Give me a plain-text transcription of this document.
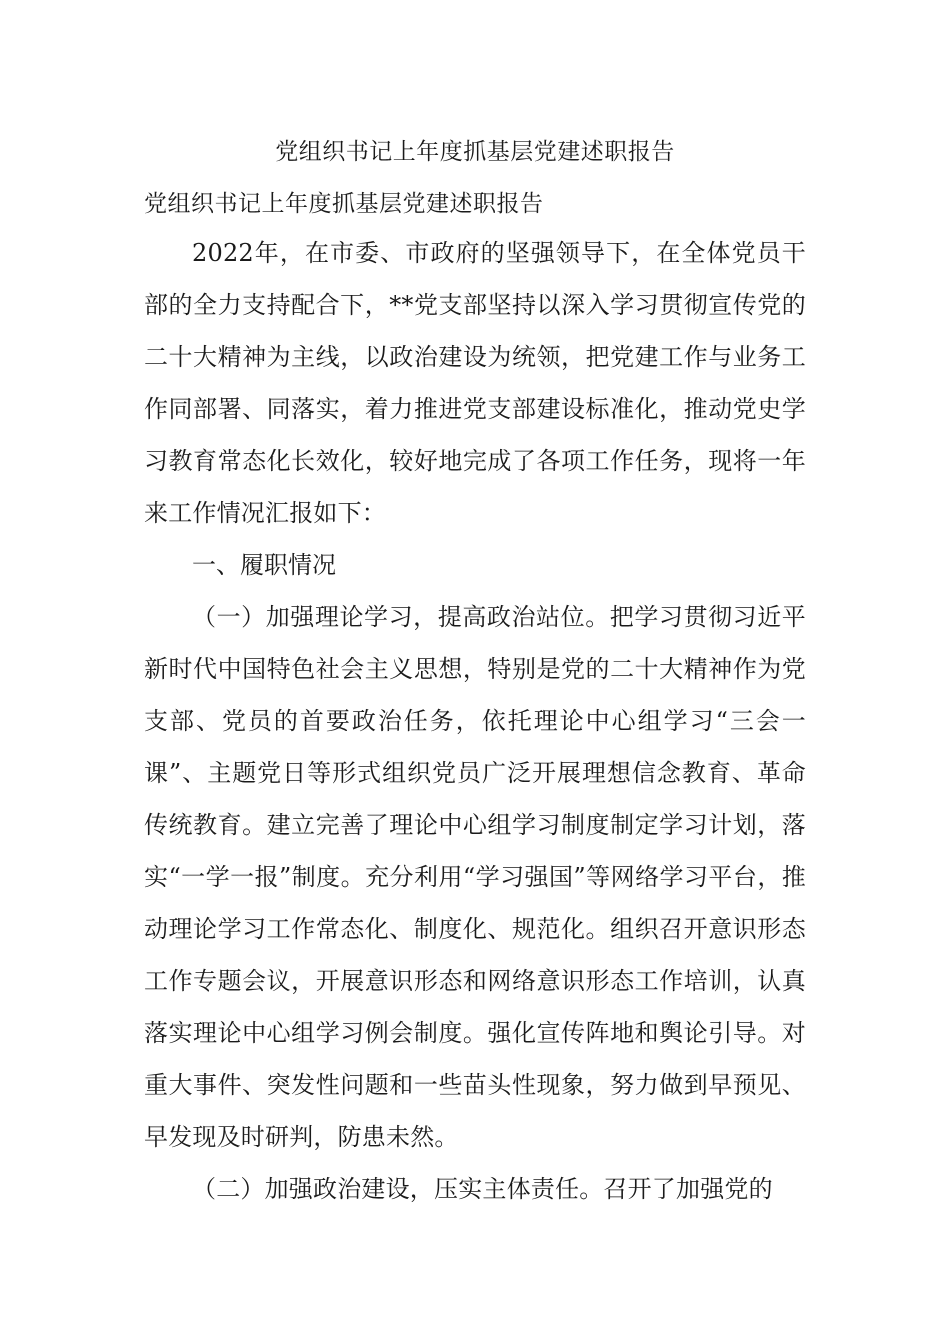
党组织书记上年度抓基层党建述职报告
党组织书记上年度抓基层党建述职报告

2022年，在市委、市政府的坚强领导下，在全体党员干部的全力支持配合下，**党支部坚持以深入学习贯彻宣传党的二十大精神为主线，以政治建设为统领，把党建工作与业务工作同部署、同落实，着力推进党支部建设标准化，推动党史学习教育常态化长效化，较好地完成了各项工作任务，现将一年来工作情况汇报如下：

一、履职情况

（一）加强理论学习，提高政治站位。把学习贯彻习近平新时代中国特色社会主义思想，特别是党的二十大精神作为党支部、党员的首要政治任务，依托理论中心组学习“三会一课”、主题党日等形式组织党员广泛开展理想信念教育、革命传统教育。建立完善了理论中心组学习制度制定学习计划，落实“一学一报”制度。充分利用“学习强国”等网络学习平台，推动理论学习工作常态化、制度化、规范化。组织召开意识形态工作专题会议，开展意识形态和网络意识形态工作培训，认真落实理论中心组学习例会制度。强化宣传阵地和舆论引导。对重大事件、突发性问题和一些苗头性现象，努力做到早预见、早发现及时研判，防患未然。

（二）加强政治建设，压实主体责任。召开了加强党的
